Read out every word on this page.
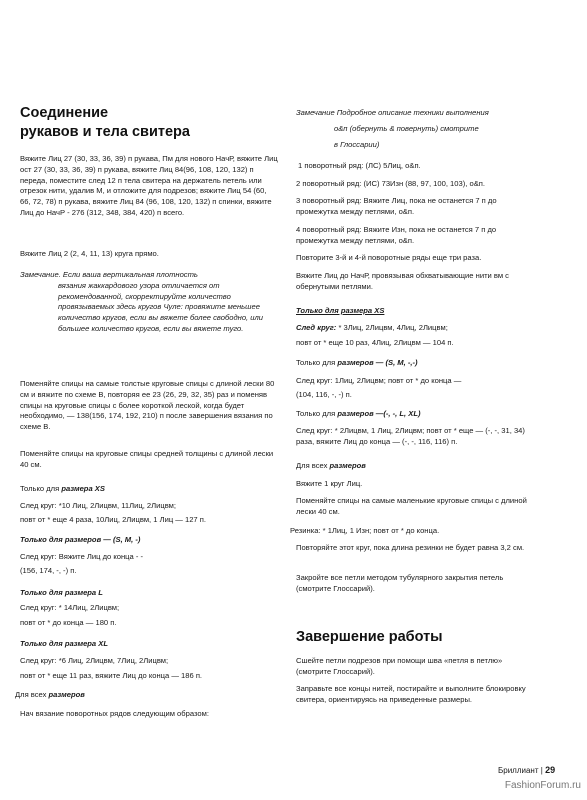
Соединение
рукавов и тела свитера

Вяжите Лиц 27 (30, 33, 36, 39) п рукава, Пм для нового НачР, вяжите Лиц ост 27 (30, 33, 36, 39) п рукава, вяжите Лиц 84(96, 108, 120, 132) п переда, поместите след 12 п тела свитера на держатель петель или отрезок нити, удалив М, и отложите для подрезов; вяжите Лиц 54 (60, 66, 72, 78) п рукава, вяжите Лиц 84 (96, 108, 120, 132) п спинки, вяжите Лиц до НачР - 276 (312, 348, 384, 420) п всего.

Вяжите Лиц 2 (2, 4, 11, 13) круга прямо.

Замечание. Если ваша вертикальная плотность

вязания жаккардового узора отличается от рекомендованной, скорректируйте количество провязываемых здесь кругов Чуле: провяжите меньшее количество кругов, если вы вяжете более свободно, или большее количество кругов, если вы вяжете туго.

Поменяйте спицы на самые толстые круговые спицы с длиной лески 80 см и вяжите по схеме В, повторяя ее 23 (26, 29, 32, 35) раз и поменяв спицы на круговые спицы с более короткой леской, когда будет необходимо, — 138(156, 174, 192, 210) п после завершения вязания по схеме В.

Поменяйте спицы на круговые спицы средней толщины с длиной лески 40 см.

Только для размера XS

След круг: *10 Лиц, 2Лицвм, 11Лиц, 2Лицвм;

повт от * еще 4 раза, 10Лиц, 2Лицвм, 1 Лиц — 127 п.

Только для размеров — (S, M, -)

След круг: Вяжите Лиц до конца - -

(156, 174, -, -) п.

Только для размера L

След круг: * 14Лиц, 2Лицвм;

повт от * до конца — 180 п.

Только для размера XL

След круг: *6 Лиц, 2Лицвм, 7Лиц, 2Лицвм;

повт от * еще 11 раз, вяжите Лиц до конца — 186 п.

Для всех размеров

Нач вязание поворотных рядов следующим образом:

Замечание Подробное описание техники выполнения

о&п (обернуть & повернуть) смотрите

в Глоссарии)

1 поворотный ряд: (ЛС) 5Лиц, о&п.

2 поворотный ряд: (ИС) 73Изн (88, 97, 100, 103), о&п.

3 поворотный ряд: Вяжите Лиц, пока не останется 7 п до промежутка между петлями, о&п.

4 поворотный ряд: Вяжите Изн, пока не останется 7 п до промежутка между петлями, о&п.

Повторите 3-й и 4-й поворотные ряды еще три раза.

Вяжите Лиц до НачР, провязывая обхватывающие нити вм с обернутыми петлями.

Только для размера XS

След круг: * 3Лиц, 2Лицвм, 4Лиц, 2Лицвм;

повт от * еще 10 раз, 4Лиц, 2Лицвм — 104 п.

Только для размеров — (S, M, -,-)

След круг: 1Лиц, 2Лицвм; повт от * до конца —

(104, 116, -, -) п.

Только для размеров —(-, -, L, XL)

След круг: * 2Лицвм, 1 Лиц, 2Лицвм; повт от * еще — (-, -, 31, 34) раза, вяжите Лиц до конца — (-, -, 116, 116) п.

Для всех размеров

Вяжите 1 круг Лиц.

Поменяйте спицы на самые маленькие круговые спицы с длиной лески 40 см.

Резинка: * 1Лиц, 1 Изн; повт от * до конца.

Повторяйте этот круг, пока длина резинки не будет равна 3,2 см.

Закройте все петли методом тубулярного закрытия петель (смотрите Глоссарий).

Завершение работы

Сшейте петли подрезов при помощи шва «петля в петлю» (смотрите Глоссарий).

Заправьте все концы нитей, постирайте и выполните блокировку свитера, ориентируясь на приведенные размеры.

Бриллиант | 29
FashionForum.ru
